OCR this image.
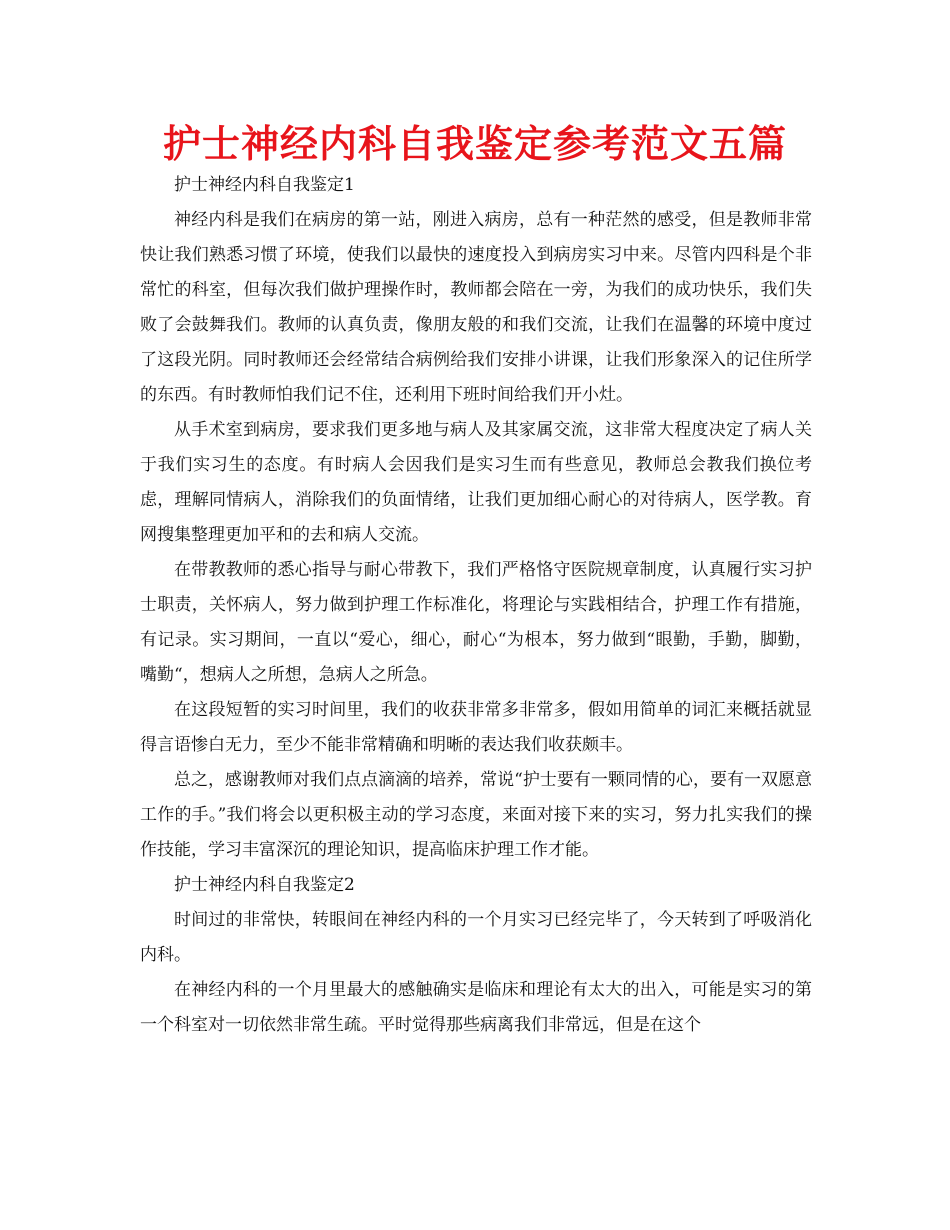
护士神经内科自我鉴定参考范文五篇

护士神经内科自我鉴定1

神经内科是我们在病房的第一站，刚进入病房，总有一种茫然的感受，但是教师非常快让我们熟悉习惯了环境，使我们以最快的速度投入到病房实习中来。尽管内四科是个非常忙的科室，但每次我们做护理操作时，教师都会陪在一旁，为我们的成功快乐，我们失败了会鼓舞我们。教师的认真负责，像朋友般的和我们交流，让我们在温馨的环境中度过了这段光阴。同时教师还会经常结合病例给我们安排小讲课，让我们形象深入的记住所学的东西。有时教师怕我们记不住，还利用下班时间给我们开小灶。

从手术室到病房，要求我们更多地与病人及其家属交流，这非常大程度决定了病人关于我们实习生的态度。有时病人会因我们是实习生而有些意见，教师总会教我们换位考虑，理解同情病人，消除我们的负面情绪，让我们更加细心耐心的对待病人，医学教。育网搜集整理更加平和的去和病人交流。

在带教教师的悉心指导与耐心带教下，我们严格恪守医院规章制度，认真履行实习护士职责，关怀病人，努力做到护理工作标准化，将理论与实践相结合，护理工作有措施，有记录。实习期间，一直以“爱心，细心，耐心“为根本，努力做到“眼勤，手勤，脚勤，嘴勤“，想病人之所想，急病人之所急。

在这段短暂的实习时间里，我们的收获非常多非常多，假如用简单的词汇来概括就显得言语惨白无力，至少不能非常精确和明晰的表达我们收获颇丰。

总之，感谢教师对我们点点滴滴的培养，常说“护士要有一颗同情的心，要有一双愿意工作的手。”我们将会以更积极主动的学习态度，来面对接下来的实习，努力扎实我们的操作技能，学习丰富深沉的理论知识，提高临床护理工作才能。

护士神经内科自我鉴定2

时间过的非常快，转眼间在神经内科的一个月实习已经完毕了，今天转到了呼吸消化内科。

在神经内科的一个月里最大的感触确实是临床和理论有太大的出入，可能是实习的第一个科室对一切依然非常生疏。平时觉得那些病离我们非常远，但是在这个
